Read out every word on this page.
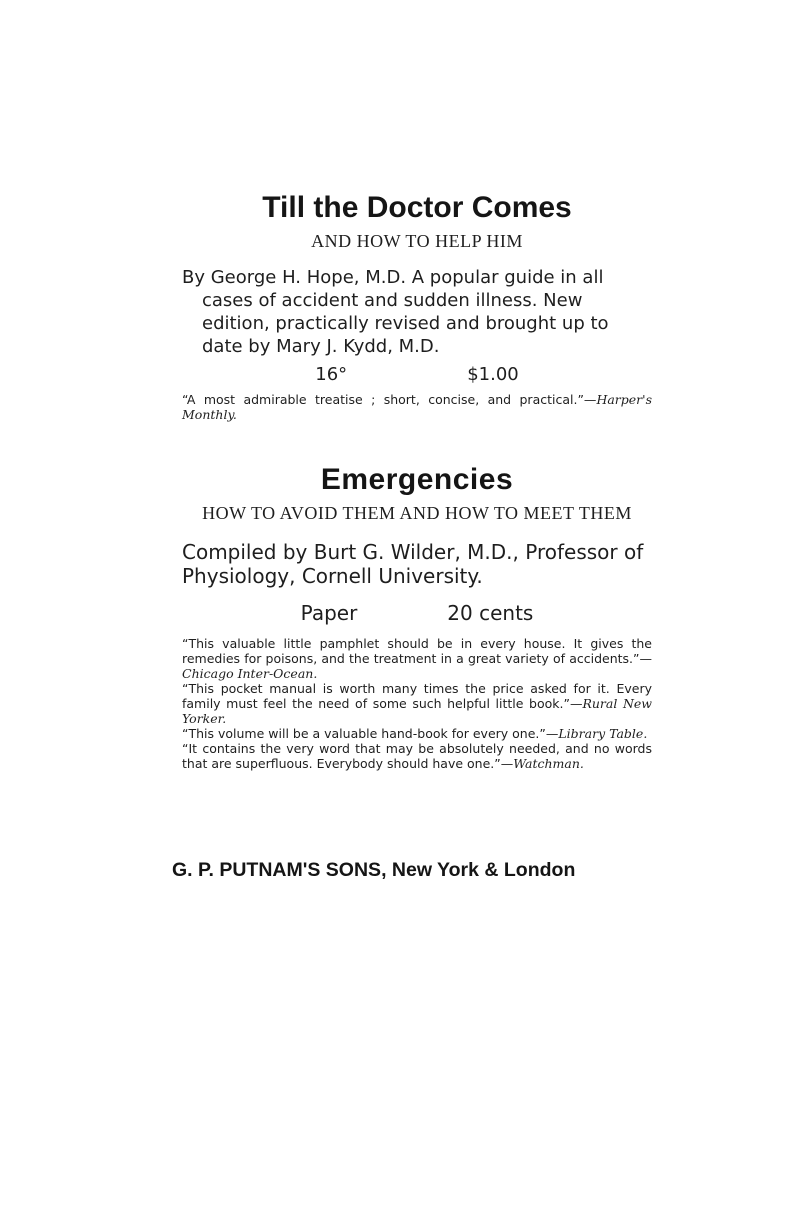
Till the Doctor Comes
AND HOW TO HELP HIM

By George H. Hope, M.D. A popular guide in all cases of accident and sudden illness. New edition, practically revised and brought up to date by Mary J. Kydd, M.D.

16°	$1.00

“A most admirable treatise ; short, concise, and practical.”—Harper's Monthly.

Emergencies
HOW TO AVOID THEM AND HOW TO MEET THEM

Compiled by Burt G. Wilder, M.D., Professor of Physiology, Cornell University.

Paper	20 cents

“This valuable little pamphlet should be in every house. It gives the remedies for poisons, and the treatment in a great variety of accidents.”—Chicago Inter-Ocean.

“This pocket manual is worth many times the price asked for it. Every family must feel the need of some such helpful little book.”—Rural New Yorker.

“This volume will be a valuable hand-book for every one.”—Library Table.

“It contains the very word that may be absolutely needed, and no words that are superfluous. Everybody should have one.”—Watchman.

G. P. PUTNAM'S SONS, New York & London
